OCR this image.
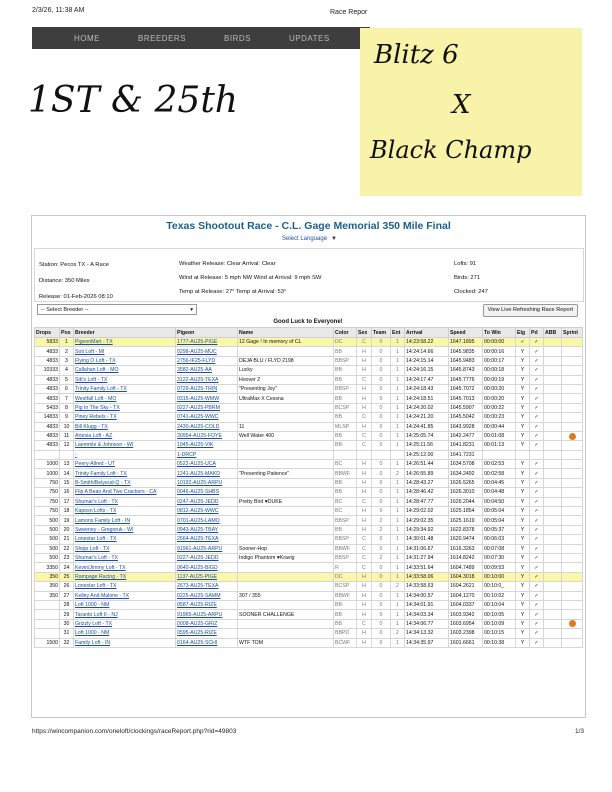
2/3/26, 11:38 AM	Race Repor
HOME	BREEDERS	BIRDS	UPDATES
1ST & 25th
Blitz 6
X
Black Champ
Texas Shootout Race - C.L. Gage Memorial 350 Mile Final
Select Language ▼
Station: Pecos TX - A Race
Distance: 350 Miles
Release: 01-Feb-2026 08:10
Weather Release: Clear Arrival: Clear
Wind at Release: 5 mph NW Wind at Arrival: 9 mph SW
Temp at Release: 27° Temp at Arrival: 53°
Lofts: 91
Birds: 271
Clocked: 247
-- Select Breeder --	▾	View Live Refreshing Race Report
Good Luck to Everyone!
Drops	Pos	Breeder	Pigeon	Name	Color	Sex	Team	Ent	Arrival	Speed	To Win	Elg	Pd	ABB	Sprint
5833	1	PigeonMart - TX	1777-AU25-PIGE	12 Gage ! In memory of CL	DC	C	0	1	14:23:58.22	1647.1895	00:00:00	✓	✓		
4833	2	Soti Loft - MI	0298-AU25-MUC		BB	H	0	1	14:24:14.66	1645.9835	00:00:16	Y	✓		
4833	3	Flying O Loft - TX	2756-IF25-FLYD	DEJA BLU / FLYD 2198	BBSP	H	0	1	14:24:15.14	1645.9483	00:00:17	Y	✓		
10333	4	Callahan Loft - MO	3582-AU25-AA	Lucky	BB	H	0	1	14:24:16.15	1645.8743	00:00:18	Y	✓		
4833	5	Sib's Loft - TX	3122-AU25-TEXA	Hoover 2	BB	C	0	1	14:24:17.47	1645.7776	00:00:19	Y	✓		
4833	6	Trinity Family Loft - TX	0729-AU25-TRIN	"Presenting Joy"	BBSP	H	0	1	14:24:18.43	1645.7072	00:00:20	Y	✓		
4833	7	Westfall Loft - MO	0315-AU25-WMW	UltraMax X Cessna	BB	H	0	1	14:24:18.51	1645.7013	00:00:20	Y	✓		
5433	8	Pig In The Sky - TX	0227-AU25-PBRM		BCSP	H	0	1	14:24:20.02	1645.5907	00:00:22	Y	✓		
14833	9	Piney Rebels - TX	0741-AU25-WWC		BB	C	0	1	14:24:21.20	1645.5042	00:00:23	Y	✓		
4833	10	Bill Klugg - TX	2430-AU25-COLD	11	MLSP	H	0	1	14:24:41.85	1643.9928	00:00:44	Y	✓		
4833	11	Artesia Loft - AZ	30954-AU25-FOYE	Well Water 400	BB	C	0	1	14:25:05.74	1642.2477	00:01:08	Y	✓		
4833	12	Laemmle & Johnson - WI	1045-AU25-VIK		BB	C	0	1	14:25:11.56	1641.8231	00:01:13	Y	✓		
		-	1-DRCP						14:25:12.00	1641.7231					
1000	13	Peery-Allred - UT	0522-AU25-UCA		BC	H	0	1	14:26:51.44	1634.5708	00:02:53	Y	✓		
1000	14	Trinity Family Loft - TX	1241-AU25-MAKD	"Presenting Patience"	BBWF	H	0	2	14:26:55.89	1634.2492	00:02:58	Y	✓		
750	15	B-Smith/Belyeud-Q - TX	10192-AU25-ARPU		BB	H	0	1	14:28:43.27	1626.5265	00:04:45	Y	✓		
750	16	Flip A Bean And Two Crackers - CA	0046-AU25-SHBS		BB	H	0	1	14:28:46.42	1626.3010	00:04:48	Y	✓		
750	17	Shumar's Loft - TX	0247-AU25-JEDD	Pretty Bird ♥DUKE	BC	C	0	1	14:28:47.77	1626.2044	00:04:50	Y	✓		
750	18	Kaposn Lofts - TX	0812-AU25-WWC		BC	H	0	1	14:29:02.02	1625.1854	00:05:04	Y	✓		
500	19	Lamons Family Loft - IN	0701-AU25-LAMO		BBSP	H	2	1	14:29:02.35	1625.1619	00:05:04	Y	✓		
500	20	Sweeney - Gregoruk - WI	0943-AU25-TBAY		BB	H	2	1	14:29:34.92	1622.8378	00:05:37	Y	✓		
500	21	Lonestar Loft - TX	2664-AU25-TEXA		BBSP	C	0	1	14:30:01.48	1620.9474	00:06:03	Y	✓		
500	22	Shipp Loft - TX	91961-AU25-ARPU	Sooner-Hop	BBWF	C	0	1	14:31:06.67	1616.3263	00:07:08	Y	✓		
500	23	Shumar's Loft - TX	0227-AU25-JEDD	Indigo Phantom ♥Kravig	BBSP	C	2	1	14:31:27.94	1614.8242	00:07:30	Y	✓		
3350	24	Kevin/Jimmy Loft - TX	0640-AU25-BIGD		R	C	0	1	14:33:51.64	1604.7489	00:09:53	Y	✓		
350	25	Rampage Racing - TX	1137-AU25-PIGE		DC	H	0	1	14:33:58.06	1604.3018	00:10:00	Y	✓		
350	26	Lonestar Loft - TX	2673-AU25-TEXA		BCSP	H	0	2	14:33:58.63	1604.2621	00:10:0_	Y	✓		
350	27	Kelley And Malone - TX	0225-AU25-SAMM	307 / 355	BBWF	H	0	1	14:34:00.57	1604.1270	00:10:02	Y	✓		
	28	Loft 1000 - NM	0587-AU25-RIZE		BB	H	0	1	14:34:01.91	1604.0337	00:10:04	Y	✓		
	29	Taranto Loft II - NJ	91965-AU25-ARPU	SOONER CHALLENGE	BB	H	0	1	14:34:03.34	1603.9342	00:10:05	Y	✓		
	30	Grizzly Loft - TX	0008-AU25-GRIZ		BB	C	0	1	14:34:06.77	1603.6954	00:10:09	Y	✓		
	31	Loft 1000 - NM	0595-AU25-RIZE		BBPD	H	0	2	14:34:13.32	1603.2398	00:10:15	Y	✓		
1500	32	Family Loft - IN	0164-AU25-SCHI	WTF TOM	BCWF	H	0	1	14:34:35.97	1601.6661	00:10:38	Y	✓		
https://wincompanion.com/oneloft/clockings/raceReport.php?rid=49803	1/3
